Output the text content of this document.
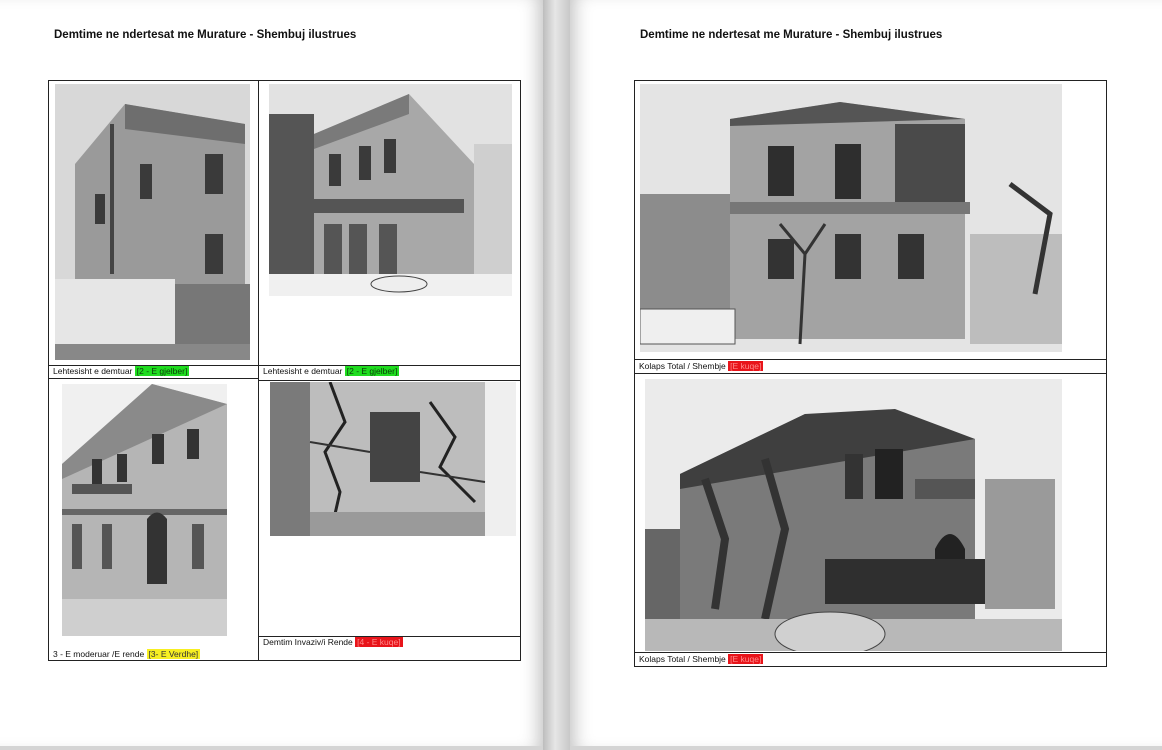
Demtime ne ndertesat me Murature - Shembuj ilustrues
Lehtesisht e demtuar [2 - E gjelber]	Lehtesisht e demtuar [2 - E gjelber]
3 - E moderuar /E rende [3- E Verdhe]
Demtim Invaziv/i Rende [4 - E kuqe]
Demtime ne ndertesat me Murature - Shembuj ilustrues
Kolaps Total / Shembje [E kuqe]
Kolaps Total / Shembje [E kuqe]
